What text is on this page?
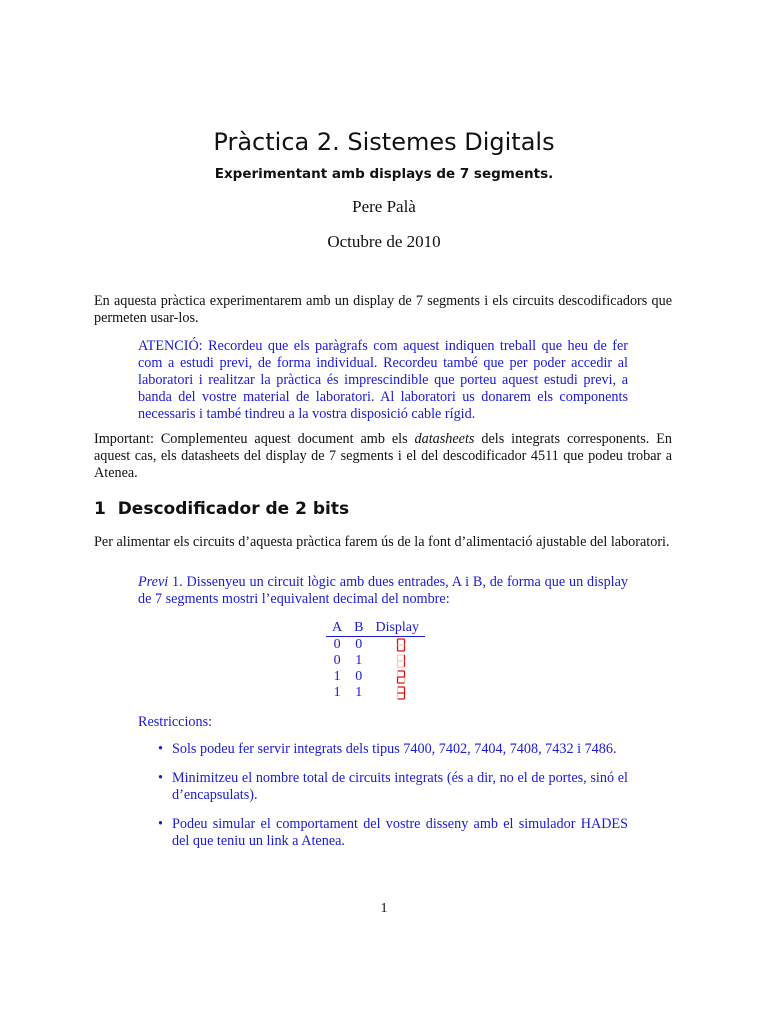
Pràctica 2. Sistemes Digitals
Experimentant amb displays de 7 segments.
Pere Palà
Octubre de 2010
En aquesta pràctica experimentarem amb un display de 7 segments i els circuits descodificadors que permeten usar-los.
ATENCIÓ: Recordeu que els paràgrafs com aquest indiquen treball que heu de fer com a estudi previ, de forma individual. Recordeu també que per poder accedir al laboratori i realitzar la pràctica és imprescindible que porteu aquest estudi previ, a banda del vostre material de laboratori. Al laboratori us donarem els components necessaris i també tindreu a la vostra disposició cable rígid.
Important: Complementeu aquest document amb els datasheets dels integrats corresponents. En aquest cas, els datasheets del display de 7 segments i el del descodificador 4511 que podeu trobar a Atenea.
1 Descodificador de 2 bits
Per alimentar els circuits d’aquesta pràctica farem ús de la font d’alimentació ajustable del laboratori.
Previ 1. Dissenyeu un circuit lògic amb dues entrades, A i B, de forma que un display de 7 segments mostri l’equivalent decimal del nombre:
A	B	Display
0	0	

0	1	

1	0	

1	1	
Restriccions:
• Sols podeu fer servir integrats dels tipus 7400, 7402, 7404, 7408, 7432 i 7486.
• Minimitzeu el nombre total de circuits integrats (és a dir, no el de portes, sinó el d’encapsulats).
• Podeu simular el comportament del vostre disseny amb el simulador HADES del que teniu un link a Atenea.
1
